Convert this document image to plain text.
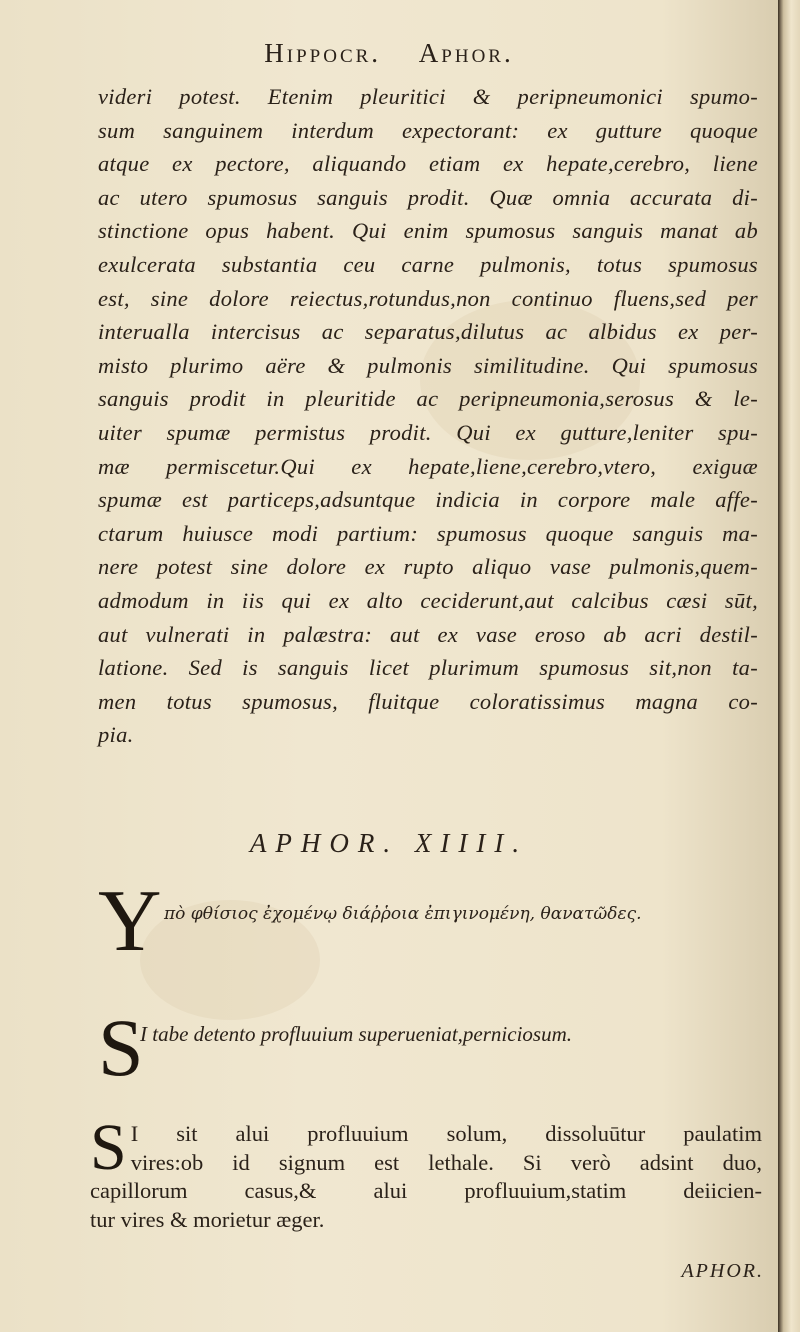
Hippocr. Aphor.
videri potest. Etenim pleuritici & peripneumonici spumo-
sum sanguinem interdum expectorant: ex gutture quoque
atque ex pectore, aliquando etiam ex hepate,cerebro, liene
ac utero spumosus sanguis prodit. Quæ omnia accurata di-
stinctione opus habent. Qui enim spumosus sanguis manat ab
exulcerata substantia ceu carne pulmonis, totus spumosus
est, sine dolore reiectus,rotundus,non continuo fluens,sed per
interualla intercisus ac separatus,dilutus ac albidus ex per-
misto plurimo aëre & pulmonis similitudine. Qui spumosus
sanguis prodit in pleuritide ac peripneumonia,serosus & le-
uiter spumæ permistus prodit. Qui ex gutture,leniter spu-
mæ permiscetur.Qui ex hepate,liene,cerebro,vtero, exiguæ
spumæ est particeps,adsuntque indicia in corpore male affe-
ctarum huiusce modi partium: spumosus quoque sanguis ma-
nere potest sine dolore ex rupto aliquo vase pulmonis,quem-
admodum in iis qui ex alto ceciderunt,aut calcibus cæsi sūt,
aut vulnerati in palæstra: aut ex vase eroso ab acri destil-
latione. Sed is sanguis licet plurimum spumosus sit,non ta-
men totus spumosus, fluitque coloratissimus magna co-
pia.
APHOR. XIIII.
Υ πὸ φθίσιος ἐχομένῳ διάῤῥοια ἐπιγινομένη, θανατῶδες.
S
I tabe detento profluuium superueniat,perniciosum.
S I sit alui profluuium solum, dissoluūtur paulatim
vires:ob id signum est lethale. Si verò adsint duo,
capillorum casus,& alui profluuium,statim deiicien-
tur vires & morietur æger.
APHOR.
